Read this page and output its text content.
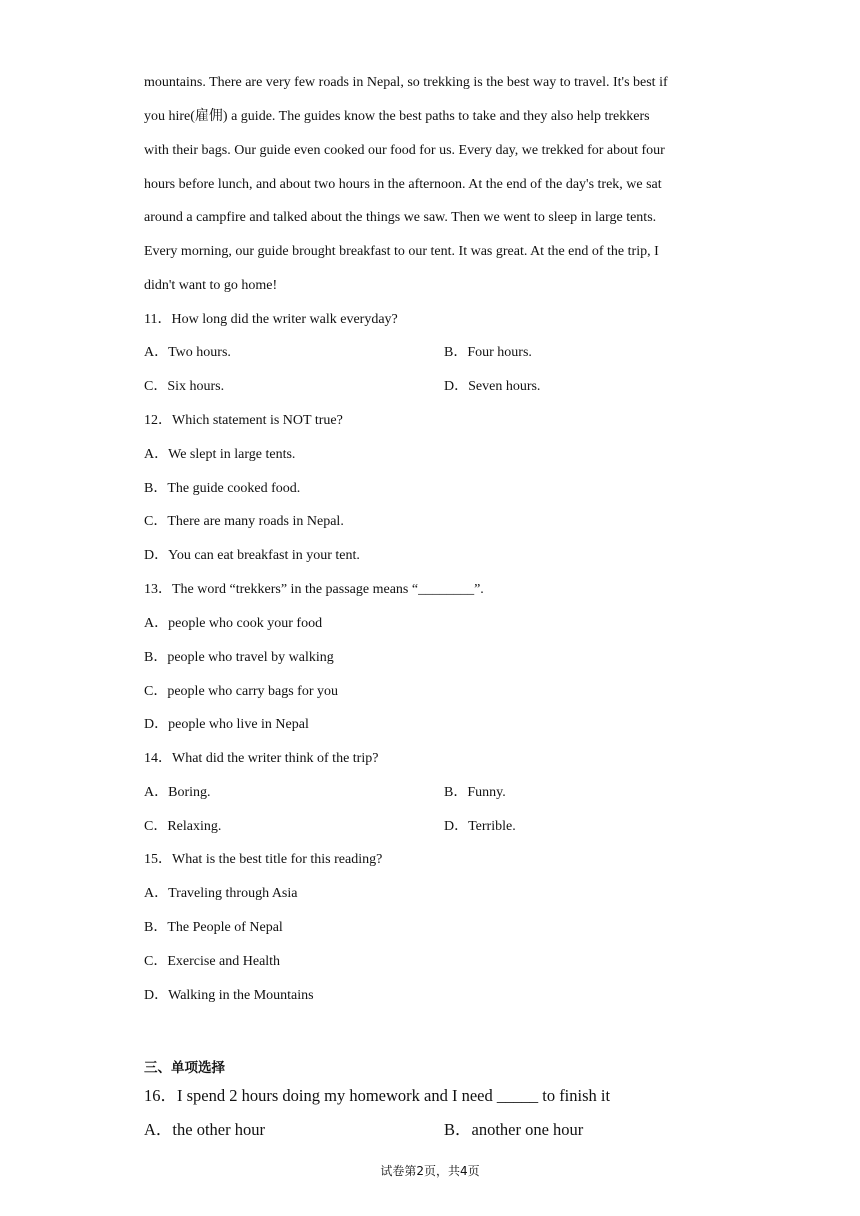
mountains. There are very few roads in Nepal, so trekking is the best way to travel. It's best if
you hire(雇佣) a guide. The guides know the best paths to take and they also help trekkers
with their bags. Our guide even cooked our food for us. Every day, we trekked for about four
hours before lunch, and about two hours in the afternoon. At the end of the day's trek, we sat
around a campfire and talked about the things we saw. Then we went to sleep in large tents.
Every morning, our guide brought breakfast to our tent. It was great. At the end of the trip, I
didn't want to go home!
11．How long did the writer walk everyday?
A．Two hours.	B．Four hours.
C．Six hours.	D．Seven hours.
12．Which statement is NOT true?
A．We slept in large tents.
B．The guide cooked food.
C．There are many roads in Nepal.
D．You can eat breakfast in your tent.
13．The word “trekkers” in the passage means “________”.
A．people who cook your food
B．people who travel by walking
C．people who carry bags for you
D．people who live in Nepal
14．What did the writer think of the trip?
A．Boring.	B．Funny.
C．Relaxing.	D．Terrible.
15．What is the best title for this reading?
A．Traveling through Asia
B．The People of Nepal
C．Exercise and Health
D．Walking in the Mountains
三、单项选择
16．I spend 2 hours doing my homework and I need _____ to finish it
A．the other hour	B．another one hour
试卷第2页，共4页
